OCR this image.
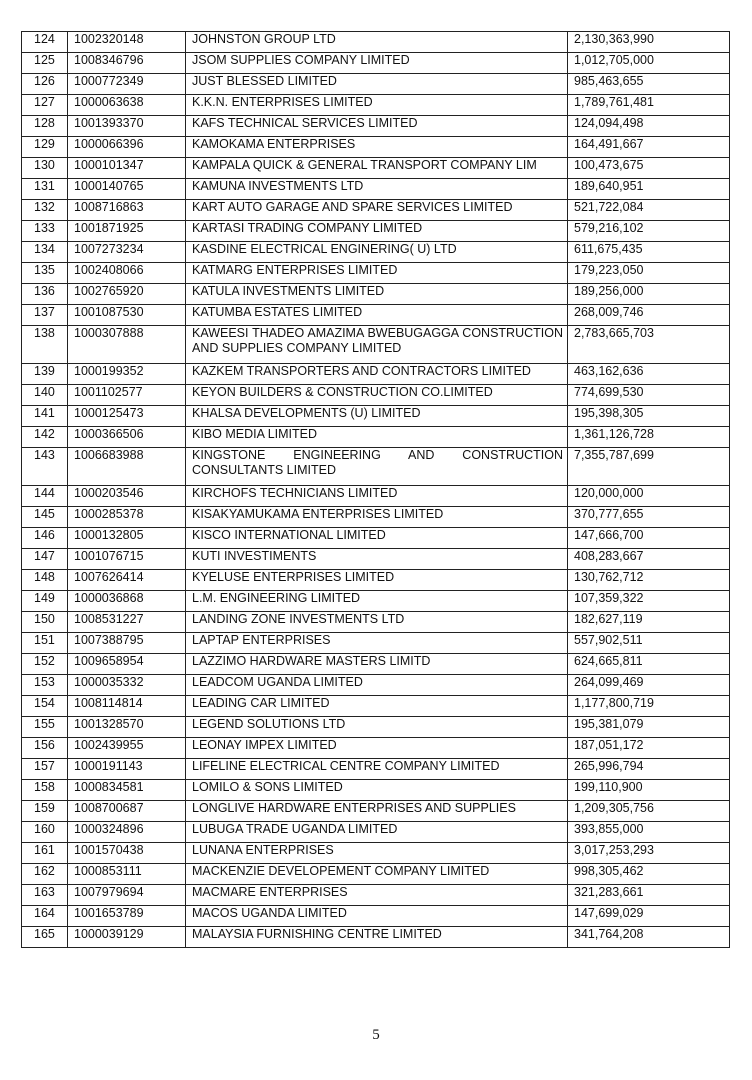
124	1002320148	JOHNSTON GROUP LTD	2,130,363,990
125	1008346796	JSOM SUPPLIES COMPANY LIMITED	1,012,705,000
126	1000772349	JUST BLESSED LIMITED	985,463,655
127	1000063638	K.K.N. ENTERPRISES LIMITED	1,789,761,481
128	1001393370	KAFS TECHNICAL SERVICES LIMITED	124,094,498
129	1000066396	KAMOKAMA ENTERPRISES	164,491,667
130	1000101347	KAMPALA QUICK & GENERAL TRANSPORT COMPANY LIM	100,473,675
131	1000140765	KAMUNA INVESTMENTS LTD	189,640,951
132	1008716863	KART AUTO GARAGE AND SPARE SERVICES LIMITED	521,722,084
133	1001871925	KARTASI TRADING COMPANY LIMITED	579,216,102
134	1007273234	KASDINE ELECTRICAL ENGINERING( U) LTD	611,675,435
135	1002408066	KATMARG ENTERPRISES LIMITED	179,223,050
136	1002765920	KATULA INVESTMENTS LIMITED	189,256,000
137	1001087530	KATUMBA ESTATES LIMITED	268,009,746
138	1000307888	KAWEESI THADEO AMAZIMA BWEBUGAGGA CONSTRUCTION AND SUPPLIES COMPANY LIMITED	2,783,665,703
139	1000199352	KAZKEM TRANSPORTERS AND CONTRACTORS LIMITED	463,162,636
140	1001102577	KEYON BUILDERS & CONSTRUCTION CO.LIMITED	774,699,530
141	1000125473	KHALSA DEVELOPMENTS (U) LIMITED	195,398,305
142	1000366506	KIBO MEDIA LIMITED	1,361,126,728
143	1006683988	KINGSTONE ENGINEERING AND CONSTRUCTION CONSULTANTS LIMITED	7,355,787,699
144	1000203546	KIRCHOFS TECHNICIANS LIMITED	120,000,000
145	1000285378	KISAKYAMUKAMA ENTERPRISES LIMITED	370,777,655
146	1000132805	KISCO INTERNATIONAL LIMITED	147,666,700
147	1001076715	KUTI INVESTIMENTS	408,283,667
148	1007626414	KYELUSE ENTERPRISES LIMITED	130,762,712
149	1000036868	L.M. ENGINEERING LIMITED	107,359,322
150	1008531227	LANDING ZONE INVESTMENTS LTD	182,627,119
151	1007388795	LAPTAP ENTERPRISES	557,902,511
152	1009658954	LAZZIMO HARDWARE MASTERS LIMITD	624,665,811
153	1000035332	LEADCOM UGANDA LIMITED	264,099,469
154	1008114814	LEADING CAR LIMITED	1,177,800,719
155	1001328570	LEGEND SOLUTIONS LTD	195,381,079
156	1002439955	LEONAY IMPEX LIMITED	187,051,172
157	1000191143	LIFELINE ELECTRICAL CENTRE COMPANY LIMITED	265,996,794
158	1000834581	LOMILO & SONS LIMITED	199,110,900
159	1008700687	LONGLIVE HARDWARE ENTERPRISES AND SUPPLIES	1,209,305,756
160	1000324896	LUBUGA TRADE UGANDA LIMITED	393,855,000
161	1001570438	LUNANA ENTERPRISES	3,017,253,293
162	1000853111	MACKENZIE DEVELOPEMENT COMPANY LIMITED	998,305,462
163	1007979694	MACMARE ENTERPRISES	321,283,661
164	1001653789	MACOS UGANDA LIMITED	147,699,029
165	1000039129	MALAYSIA FURNISHING CENTRE LIMITED	341,764,208
5
